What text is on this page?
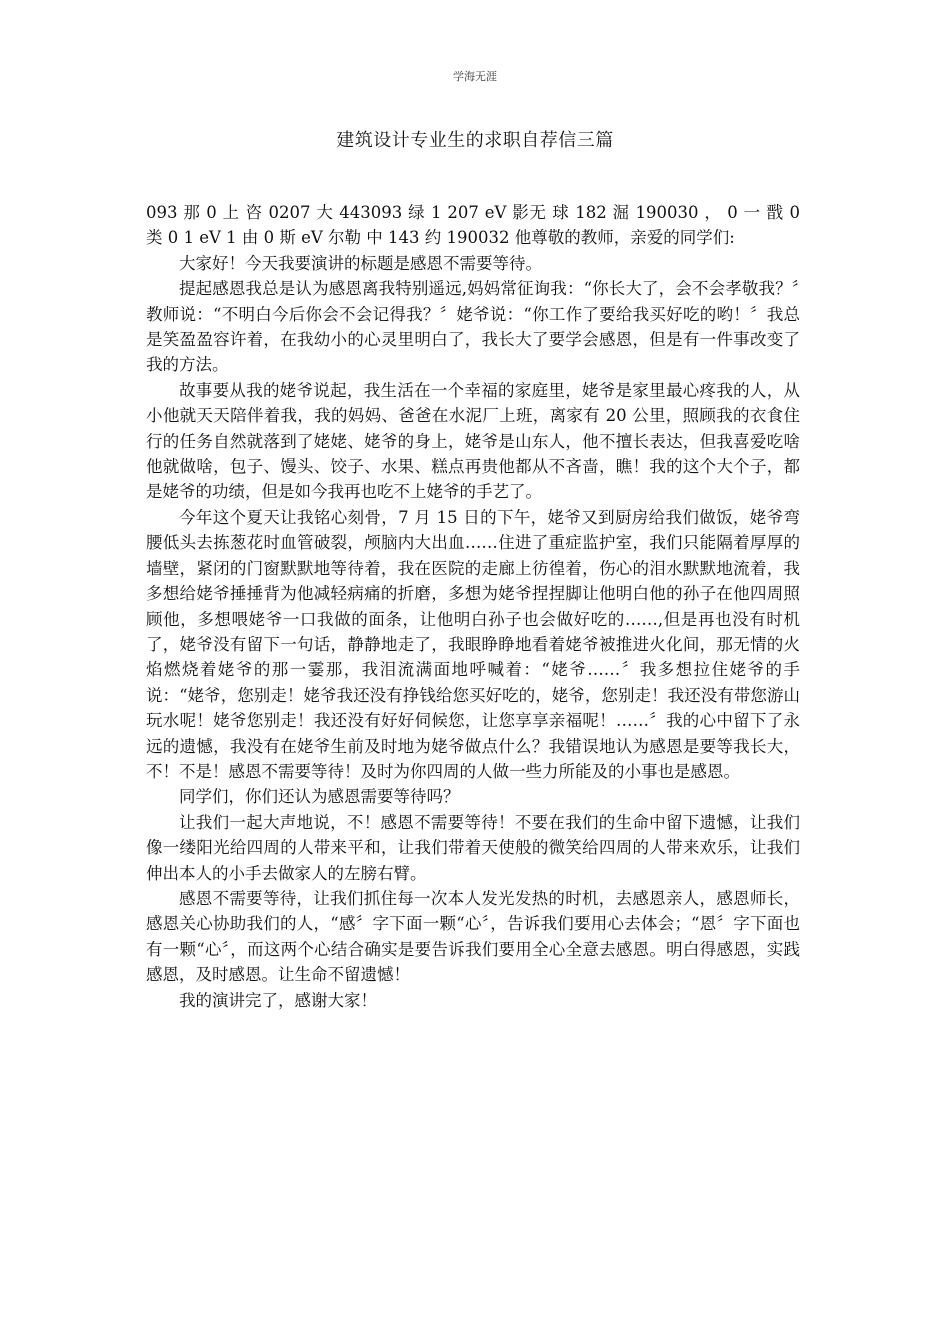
学海无涯
建筑设计专业生的求职自荐信三篇

093 那 0 上 咨 0207 大 443093 绿 1 207 eV 影无 球 182 淈 190030 ， 0 一 戬 0 类 0 1 eV 1 由 0 斯 eV 尔勒 中 143 约 190032 他尊敬的教师，亲爱的同学们:

大家好！今天我要演讲的标题是感恩不需要等待。

提起感恩我总是认为感恩离我特别遥远,妈妈常征询我：“你长大了，会不会孝敬我？〞教师说：“不明白今后你会不会记得我？〞姥爷说：“你工作了要给我买好吃的哟！〞我总是笑盈盈容许着，在我幼小的心灵里明白了，我长大了要学会感恩，但是有一件事改变了我的方法。

故事要从我的姥爷说起，我生活在一个幸福的家庭里，姥爷是家里最心疼我的人，从小他就天天陪伴着我，我的妈妈、爸爸在水泥厂上班，离家有 20 公里，照顾我的衣食住行的任务自然就落到了姥姥、姥爷的身上，姥爷是山东人，他不擅长表达，但我喜爱吃啥他就做啥，包子、馒头、饺子、水果、糕点再贵他都从不吝啬，瞧！我的这个大个子，都是姥爷的功绩，但是如今我再也吃不上姥爷的手艺了。

今年这个夏天让我铭心刻骨，7 月 15 日的下午，姥爷又到厨房给我们做饭，姥爷弯腰低头去拣葱花时血管破裂，颅脑内大出血……住进了重症监护室，我们只能隔着厚厚的墙壁，紧闭的门窗默默地等待着，我在医院的走廊上彷徨着，伤心的泪水默默地流着，我多想给姥爷捶捶背为他减轻病痛的折磨，多想为姥爷捏捏脚让他明白他的孙子在他四周照顾他，多想喂姥爷一口我做的面条，让他明白孙子也会做好吃的……,但是再也没有时机了，姥爷没有留下一句话，静静地走了，我眼睁睁地看着姥爷被推进火化间，那无情的火焰燃烧着姥爷的那一霎那，我泪流满面地呼喊着：“姥爷……〞我多想拉住姥爷的手说：“姥爷，您别走！姥爷我还没有挣钱给您买好吃的，姥爷，您别走！我还没有带您游山玩水呢！姥爷您别走！我还没有好好伺候您，让您享享亲福呢！……〞我的心中留下了永远的遗憾，我没有在姥爷生前及时地为姥爷做点什么？我错误地认为感恩是要等我长大，不！不是！感恩不需要等待！及时为你四周的人做一些力所能及的小事也是感恩。

同学们，你们还认为感恩需要等待吗？

让我们一起大声地说，不！感恩不需要等待！不要在我们的生命中留下遗憾，让我们像一缕阳光给四周的人带来平和，让我们带着天使般的微笑给四周的人带来欢乐，让我们伸出本人的小手去做家人的左膀右臂。

感恩不需要等待，让我们抓住每一次本人发光发热的时机，去感恩亲人，感恩师长，感恩关心协助我们的人，“感〞字下面一颗“心〞，告诉我们要用心去体会；“恩〞字下面也有一颗“心〞，而这两个心结合确实是要告诉我们要用全心全意去感恩。明白得感恩，实践感恩，及时感恩。让生命不留遗憾！

我的演讲完了，感谢大家！
